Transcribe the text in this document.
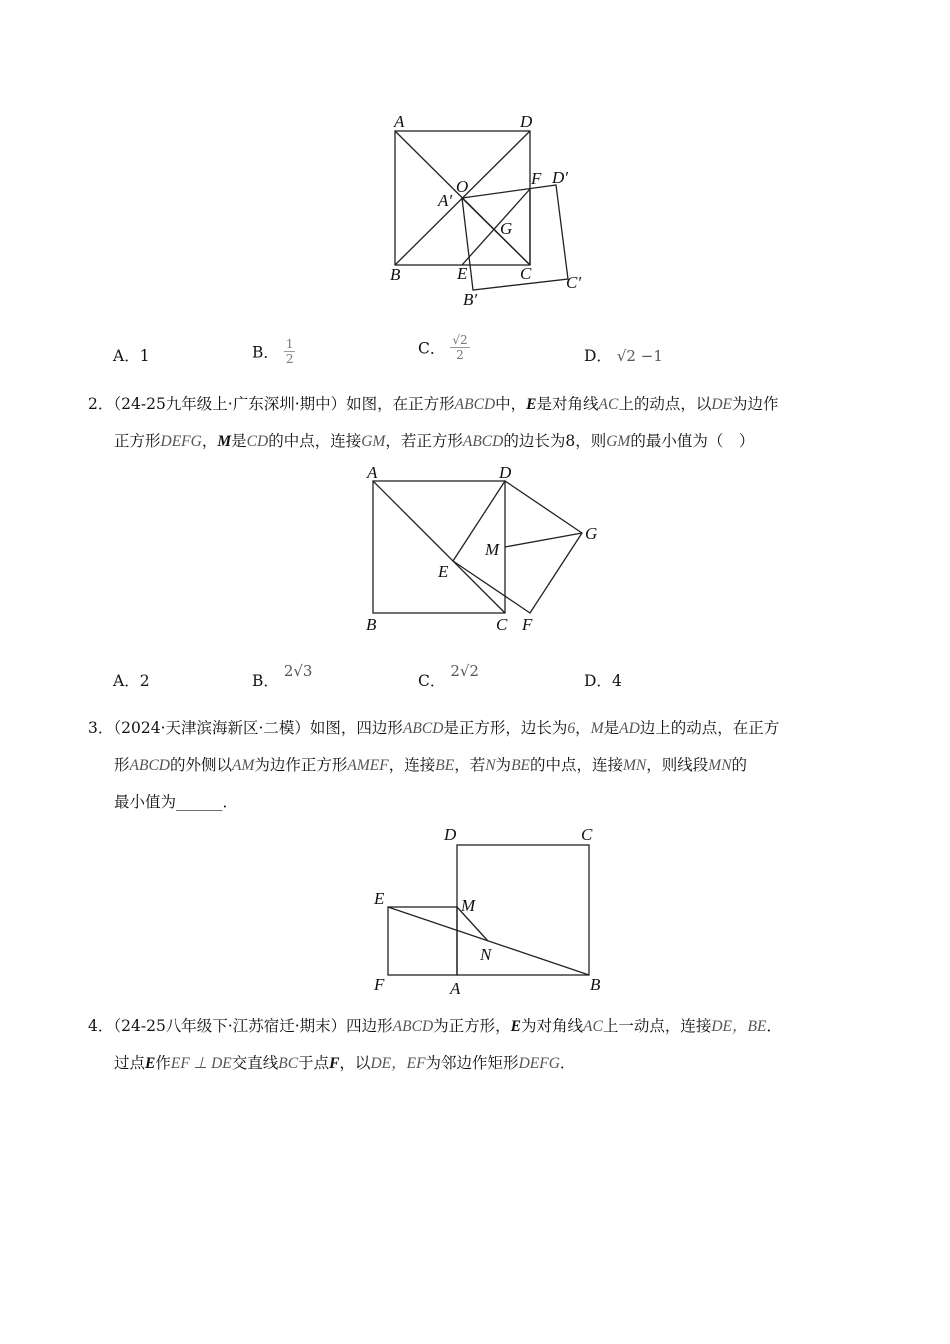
A	D
O
A′
F D′
G
B	E	C
B′
C′
A．1	B． $\frac{1}{2}$	C． $\frac{√2}{2}$	D． √2 −1
2．（24-25九年级上·广东深圳·期中）如图，在正方形ABCD中，E是对角线AC上的动点，以DE为边作
正方形DEFG，M是CD的中点，连接GM，若正方形ABCD的边长为8，则GM的最小值为（　）
A	D
G
M
E
B	C F
A．2	B． 2√3
C． 2√2
D．4
3．（2024·天津滨海新区·二模）如图，四边形ABCD是正方形，边长为6，M是AD边上的动点，在正方
形ABCD的外侧以AM为边作正方形AMEF，连接BE，若N为BE的中点，连接MN，则线段MN的
最小值为______．
D	C
E	M
N
F	A	B
4．（24-25八年级下·江苏宿迁·期末）四边形ABCD为正方形，E为对角线AC上一动点，连接DE，BE．
过点E作EF ⊥ DE交直线BC于点F，以DE，EF为邻边作矩形DEFG．
